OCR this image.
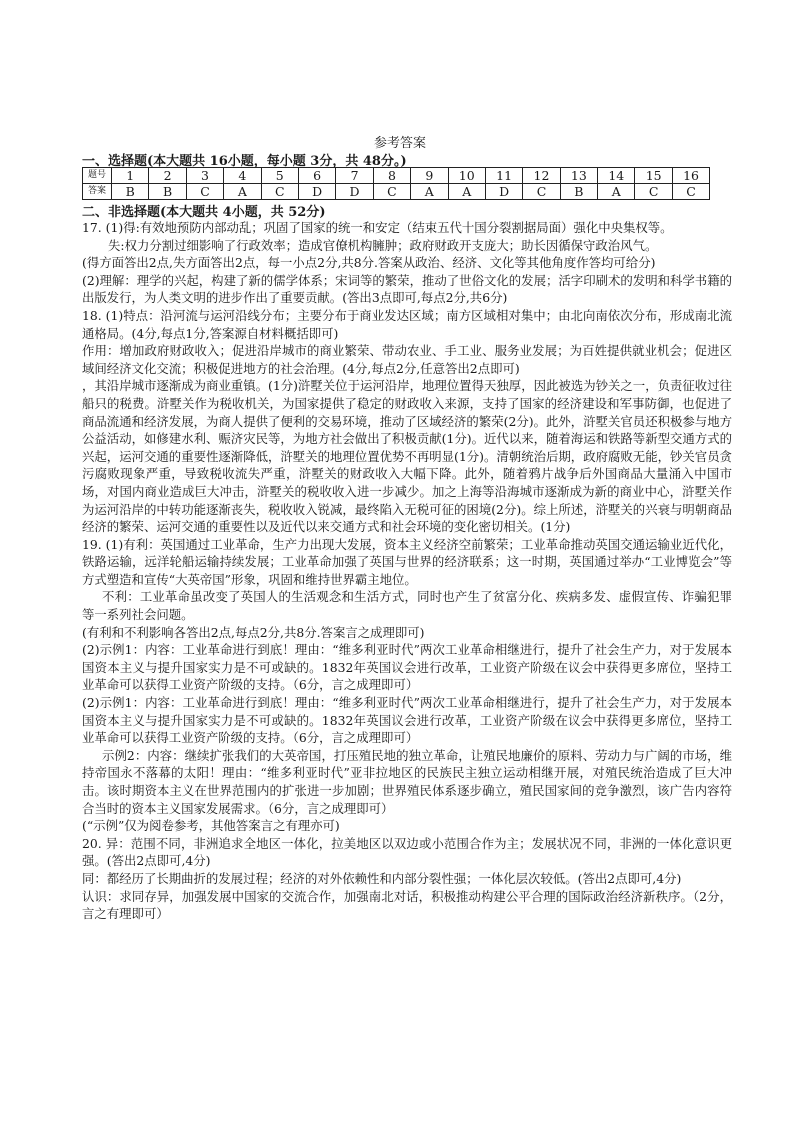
参考答案
一、选择题(本大题共 16小题，每小题 3分，共 48分。)
题号	1	2	3	4	5	6	7	8	9	10	11	12	13	14	15	16
答案	B	B	C	A	C	D	D	C	A	A	D	C	B	A	C	C
二、非选择题(本大题共 4小题，共 52分)

17. (1)得:有效地预防内部动乱；巩固了国家的统一和安定（结束五代十国分裂割据局面）强化中央集权等。

失:权力分割过细影响了行政效率；造成官僚机构臃肿；政府财政开支庞大；助长因循保守政治风气。

(得方面答出2点,失方面答出2点，每一小点2分,共8分.答案从政治、经济、文化等其他角度作答均可给分)

(2)理解：理学的兴起，构建了新的儒学体系；宋词等的繁荣，推动了世俗文化的发展；活字印刷术的发明和科学书籍的出版发行，为人类文明的进步作出了重要贡献。(答出3点即可,每点2分,共6分)

18. (1)特点：沿河流与运河沿线分布；主要分布于商业发达区域；南方区域相对集中；由北向南依次分布，形成南北流通格局。(4分,每点1分,答案源自材料概括即可)

作用：增加政府财政收入；促进沿岸城市的商业繁荣、带动农业、手工业、服务业发展；为百姓提供就业机会；促进区域间经济文化交流；积极促进地方的社会治理。(4分,每点2分,任意答出2点即可)

，其沿岸城市逐渐成为商业重镇。(1分)浒墅关位于运河沿岸，地理位置得天独厚，因此被选为钞关之一，负责征收过往船只的税费。浒墅关作为税收机关，为国家提供了稳定的财政收入来源，支持了国家的经济建设和军事防御，也促进了商品流通和经济发展，为商人提供了便利的交易环境，推动了区域经济的繁荣(2分)。此外，浒墅关官员还积极参与地方公益活动，如修建水利、赈济灾民等，为地方社会做出了积极贡献(1分)。近代以来，随着海运和铁路等新型交通方式的兴起，运河交通的重要性逐渐降低，浒墅关的地理位置优势不再明显(1分)。清朝统治后期，政府腐败无能，钞关官员贪污腐败现象严重，导致税收流失严重，浒墅关的财政收入大幅下降。此外，随着鸦片战争后外国商品大量涌入中国市场，对国内商业造成巨大冲击，浒墅关的税收收入进一步减少。加之上海等沿海城市逐渐成为新的商业中心，浒墅关作为运河沿岸的中转功能逐渐丧失，税收收入锐减，最终陷入无税可征的困境(2分)。综上所述，浒墅关的兴衰与明朝商品经济的繁荣、运河交通的重要性以及近代以来交通方式和社会环境的变化密切相关。(1分)

19. (1)有利：英国通过工业革命，生产力出现大发展，资本主义经济空前繁荣；工业革命推动英国交通运输业近代化，铁路运输，远洋轮船运输持续发展；工业革命加强了英国与世界的经济联系；这一时期，英国通过举办“工业博览会”等方式塑造和宣传“大英帝国”形象，巩固和维持世界霸主地位。

不利：工业革命虽改变了英国人的生活观念和生活方式，同时也产生了贫富分化、疾病多发、虚假宣传、诈骗犯罪等一系列社会问题。

(有利和不利影响各答出2点,每点2分,共8分.答案言之成理即可)

(2)示例1：内容：工业革命进行到底！理由：“维多利亚时代”两次工业革命相继进行，提升了社会生产力，对于发展本国资本主义与提升国家实力是不可或缺的。1832年英国议会进行改革，工业资产阶级在议会中获得更多席位，坚持工业革命可以获得工业资产阶级的支持。（6分，言之成理即可）

(2)示例1：内容：工业革命进行到底！理由：“维多利亚时代”两次工业革命相继进行，提升了社会生产力，对于发展本国资本主义与提升国家实力是不可或缺的。1832年英国议会进行改革，工业资产阶级在议会中获得更多席位，坚持工业革命可以获得工业资产阶级的支持。（6分，言之成理即可）

示例2：内容：继续扩张我们的大英帝国，打压殖民地的独立革命，让殖民地廉价的原料、劳动力与广阔的市场，维持帝国永不落幕的太阳！理由：“维多利亚时代”亚非拉地区的民族民主独立运动相继开展，对殖民统治造成了巨大冲击。该时期资本主义在世界范围内的扩张进一步加剧；世界殖民体系逐步确立，殖民国家间的竞争激烈，该广告内容符合当时的资本主义国家发展需求。（6分，言之成理即可）

(“示例”仅为阅卷参考，其他答案言之有理亦可)

20. 异：范围不同，非洲追求全地区一体化，拉美地区以双边或小范围合作为主；发展状况不同，非洲的一体化意识更强。(答出2点即可,4分)

同：都经历了长期曲折的发展过程；经济的对外依赖性和内部分裂性强；一体化层次较低。(答出2点即可,4分)

认识：求同存异，加强发展中国家的交流合作，加强南北对话，积极推动构建公平合理的国际政治经济新秩序。（2分，言之有理即可）
